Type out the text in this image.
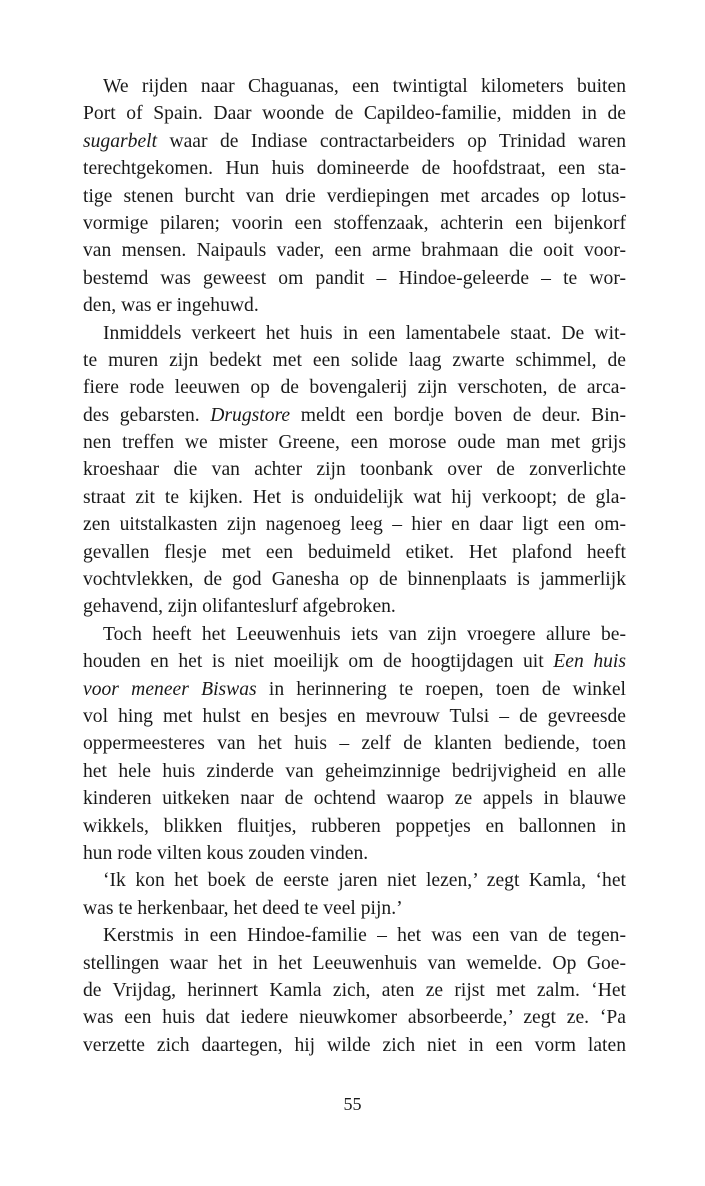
We rijden naar Chaguanas, een twintigtal kilometers buiten
Port of Spain. Daar woonde de Capildeo-familie, midden in de
sugarbelt waar de Indiase contractarbeiders op Trinidad waren
terechtgekomen. Hun huis domineerde de hoofdstraat, een sta-
tige stenen burcht van drie verdiepingen met arcades op lotus-
vormige pilaren; voorin een stoffenzaak, achterin een bijenkorf
van mensen. Naipauls vader, een arme brahmaan die ooit voor-
bestemd was geweest om pandit – Hindoe-geleerde – te wor-
den, was er ingehuwd.
Inmiddels verkeert het huis in een lamentabele staat. De wit-
te muren zijn bedekt met een solide laag zwarte schimmel, de
fiere rode leeuwen op de bovengalerij zijn verschoten, de arca-
des gebarsten. Drugstore meldt een bordje boven de deur. Bin-
nen treffen we mister Greene, een morose oude man met grijs
kroeshaar die van achter zijn toonbank over de zonverlichte
straat zit te kijken. Het is onduidelijk wat hij verkoopt; de gla-
zen uitstalkasten zijn nagenoeg leeg – hier en daar ligt een om-
gevallen flesje met een beduimeld etiket. Het plafond heeft
vochtvlekken, de god Ganesha op de binnenplaats is jammerlijk
gehavend, zijn olifanteslurf afgebroken.
Toch heeft het Leeuwenhuis iets van zijn vroegere allure be-
houden en het is niet moeilijk om de hoogtijdagen uit Een huis
voor meneer Biswas in herinnering te roepen, toen de winkel
vol hing met hulst en besjes en mevrouw Tulsi – de gevreesde
oppermeesteres van het huis – zelf de klanten bediende, toen
het hele huis zinderde van geheimzinnige bedrijvigheid en alle
kinderen uitkeken naar de ochtend waarop ze appels in blauwe
wikkels, blikken fluitjes, rubberen poppetjes en ballonnen in
hun rode vilten kous zouden vinden.
‘Ik kon het boek de eerste jaren niet lezen,’ zegt Kamla, ‘het
was te herkenbaar, het deed te veel pijn.’
Kerstmis in een Hindoe-familie – het was een van de tegen-
stellingen waar het in het Leeuwenhuis van wemelde. Op Goe-
de Vrijdag, herinnert Kamla zich, aten ze rijst met zalm. ‘Het
was een huis dat iedere nieuwkomer absorbeerde,’ zegt ze. ‘Pa
verzette zich daartegen, hij wilde zich niet in een vorm laten
55
